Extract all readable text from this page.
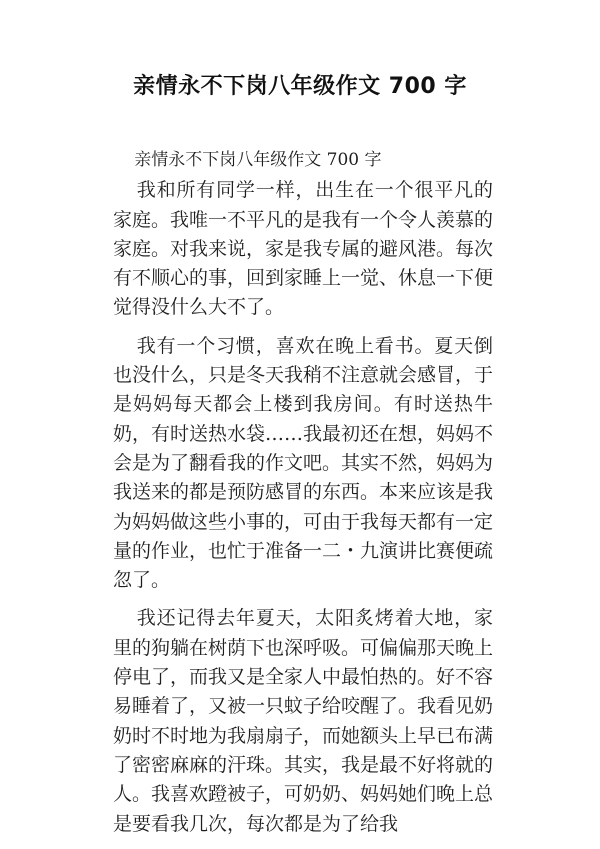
亲情永不下岗八年级作文 700 字

亲情永不下岗八年级作文 700 字

我和所有同学一样，出生在一个很平凡的家庭。我唯一不平凡的是我有一个令人羡慕的家庭。对我来说，家是我专属的避风港。每次有不顺心的事，回到家睡上一觉、休息一下便觉得没什么大不了。

我有一个习惯，喜欢在晚上看书。夏天倒也没什么，只是冬天我稍不注意就会感冒，于是妈妈每天都会上楼到我房间。有时送热牛奶，有时送热水袋……我最初还在想，妈妈不会是为了翻看我的作文吧。其实不然，妈妈为我送来的都是预防感冒的东西。本来应该是我为妈妈做这些小事的，可由于我每天都有一定量的作业，也忙于准备一二・九演讲比赛便疏忽了。

我还记得去年夏天，太阳炙烤着大地，家里的狗躺在树荫下也深呼吸。可偏偏那天晚上停电了，而我又是全家人中最怕热的。好不容易睡着了，又被一只蚊子给咬醒了。我看见奶奶时不时地为我扇扇子，而她额头上早已布满了密密麻麻的汗珠。其实，我是最不好将就的人。我喜欢蹬被子，可奶奶、妈妈她们晚上总是要看我几次，每次都是为了给我
